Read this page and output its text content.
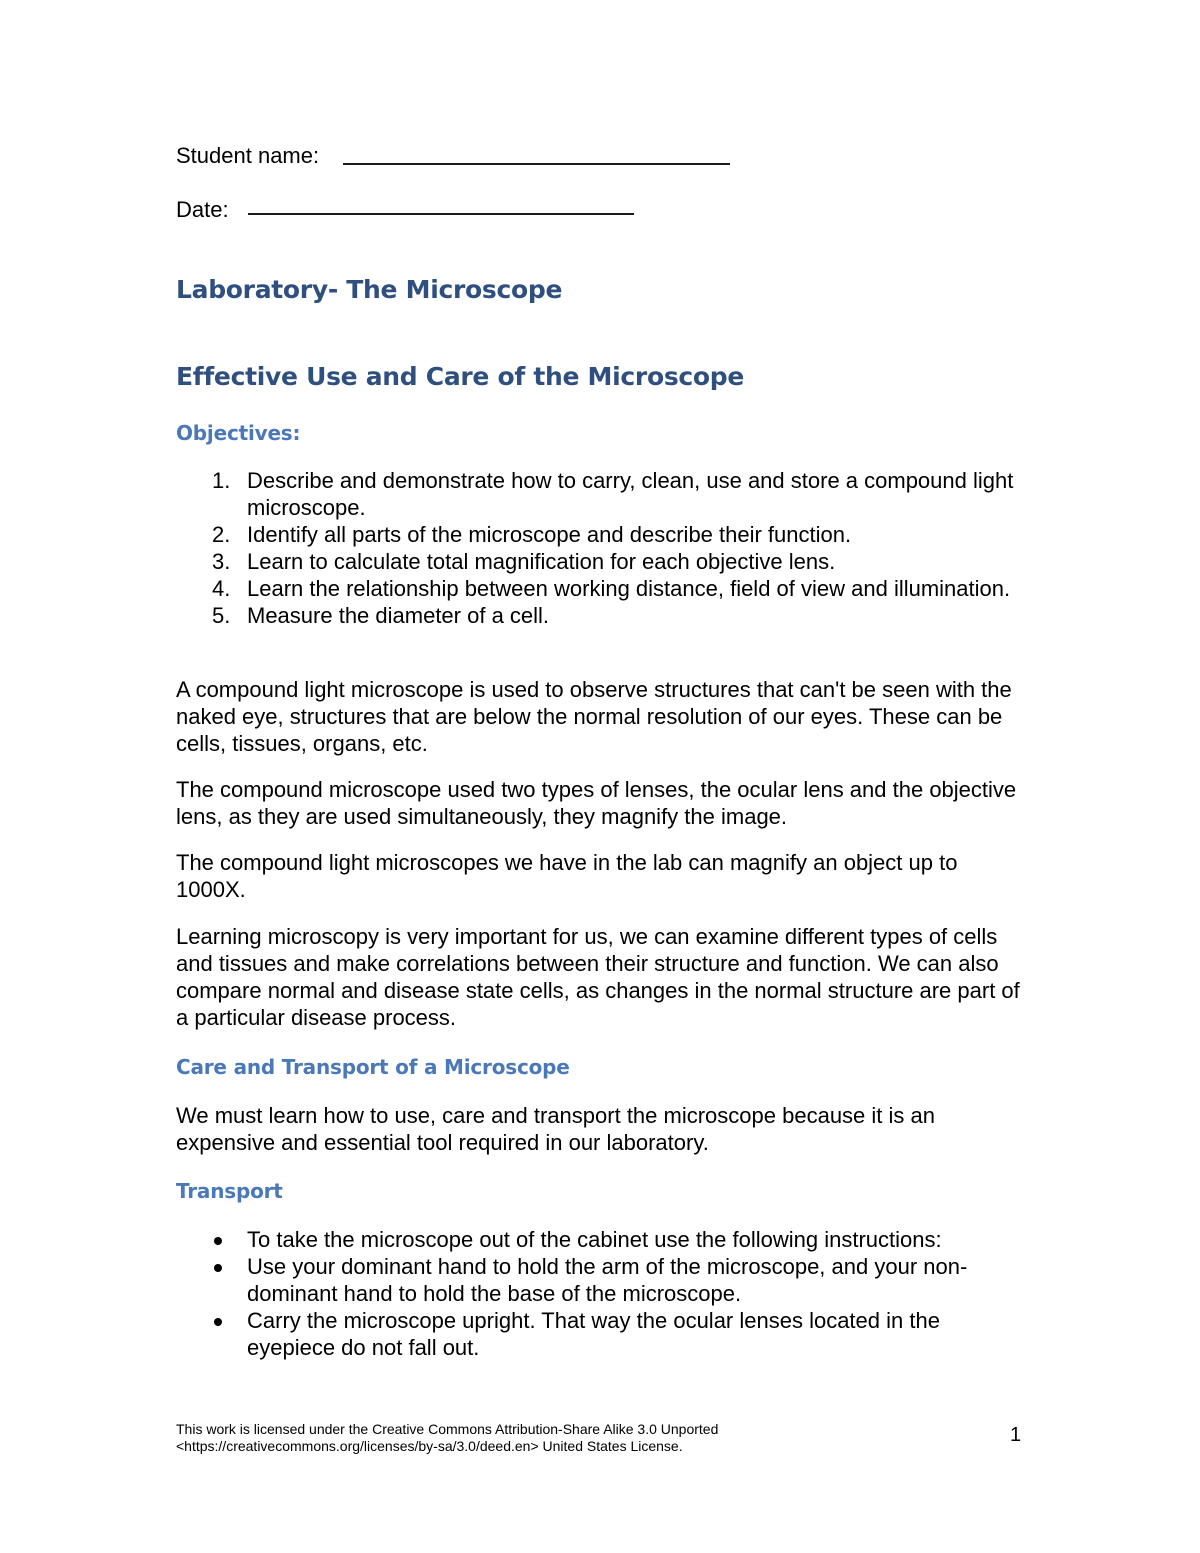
Student name:
Date:
Laboratory- The Microscope
Effective Use and Care of the Microscope
Objectives:
1. Describe and demonstrate how to carry, clean, use and store a compound light microscope.
2. Identify all parts of the microscope and describe their function.
3. Learn to calculate total magnification for each objective lens.
4. Learn the relationship between working distance, field of view and illumination.
5. Measure the diameter of a cell.

A compound light microscope is used to observe structures that can't be seen with the naked eye, structures that are below the normal resolution of our eyes. These can be cells, tissues, organs, etc.

The compound microscope used two types of lenses, the ocular lens and the objective lens, as they are used simultaneously, they magnify the image.

The compound light microscopes we have in the lab can magnify an object up to 1000X.

Learning microscopy is very important for us, we can examine different types of cells and tissues and make correlations between their structure and function. We can also compare normal and disease state cells, as changes in the normal structure are part of a particular disease process.

Care and Transport of a Microscope

We must learn how to use, care and transport the microscope because it is an expensive and essential tool required in our laboratory.

Transport
To take the microscope out of the cabinet use the following instructions:
Use your dominant hand to hold the arm of the microscope, and your non-dominant hand to hold the base of the microscope.
Carry the microscope upright. That way the ocular lenses located in the eyepiece do not fall out.
This work is licensed under the Creative Commons Attribution-Share Alike 3.0 Unported
<https://creativecommons.org/licenses/by-sa/3.0/deed.en> United States License.	1
